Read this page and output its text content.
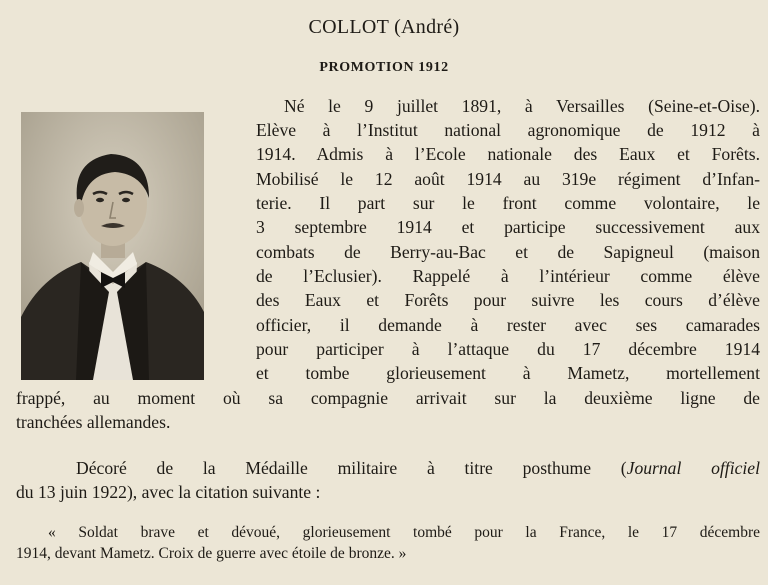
COLLOT (André)
PROMOTION 1912
Né le 9 juillet 1891, à Versailles (Seine-et-Oise).
Elève à l’Institut national agronomique de 1912 à
1914. Admis à l’Ecole nationale des Eaux et Forêts.
Mobilisé le 12 août 1914 au 319e régiment d’Infan-
terie. Il part sur le front comme volontaire, le
3 septembre 1914 et participe successivement aux
combats de Berry-au-Bac et de Sapigneul (maison
de l’Eclusier). Rappelé à l’intérieur comme élève
des Eaux et Forêts pour suivre les cours d’élève
officier, il demande à rester avec ses camarades
pour participer à l’attaque du 17 décembre 1914
et tombe glorieusement à Mametz, mortellement
frappé, au moment où sa compagnie arrivait sur la deuxième ligne de
tranchées allemandes.
Décoré de la Médaille militaire à titre posthume (Journal officiel
du 13 juin 1922), avec la citation suivante :
« Soldat brave et dévoué, glorieusement tombé pour la France, le 17 décembre
1914, devant Mametz. Croix de guerre avec étoile de bronze. »
